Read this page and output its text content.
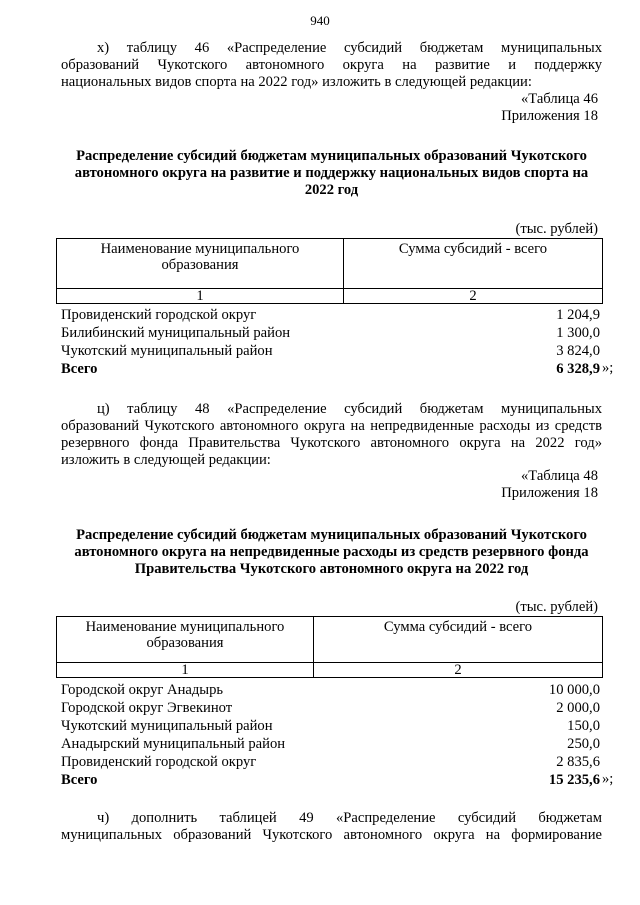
940
х) таблицу 46 «Распределение субсидий бюджетам муниципальных
образований Чукотского автономного округа на развитие и поддержку
национальных видов спорта на 2022 год» изложить в следующей редакции:
«Таблица 46
Приложения 18
Распределение субсидий бюджетам муниципальных образований Чукотского
автономного округа на развитие и поддержку национальных видов спорта на
2022 год
(тыс. рублей)
Наименование муниципального образования	Сумма субсидий - всего
1	2
Провиденский городской округ	1 204,9
Билибинский муниципальный район	1 300,0
Чукотский муниципальный район	3 824,0
Всего	6 328,9 »;
ц) таблицу 48 «Распределение субсидий бюджетам муниципальных
образований Чукотского автономного округа на непредвиденные расходы из средств
резервного фонда Правительства Чукотского автономного округа на 2022 год»
изложить в следующей редакции:
«Таблица 48
Приложения 18
Распределение субсидий бюджетам муниципальных образований Чукотского
автономного округа на непредвиденные расходы из средств резервного фонда
Правительства Чукотского автономного округа на 2022 год
(тыс. рублей)
Наименование муниципального образования	Сумма субсидий - всего
1	2
Городской округ Анадырь	10 000,0
Городской округ Эгвекинот	2 000,0
Чукотский муниципальный район	150,0
Анадырский муниципальный район	250,0
Провиденский городской округ	2 835,6
Всего	15 235,6 »;
ч) дополнить таблицей 49 «Распределение субсидий бюджетам
муниципальных образований Чукотского автономного округа на формирование
